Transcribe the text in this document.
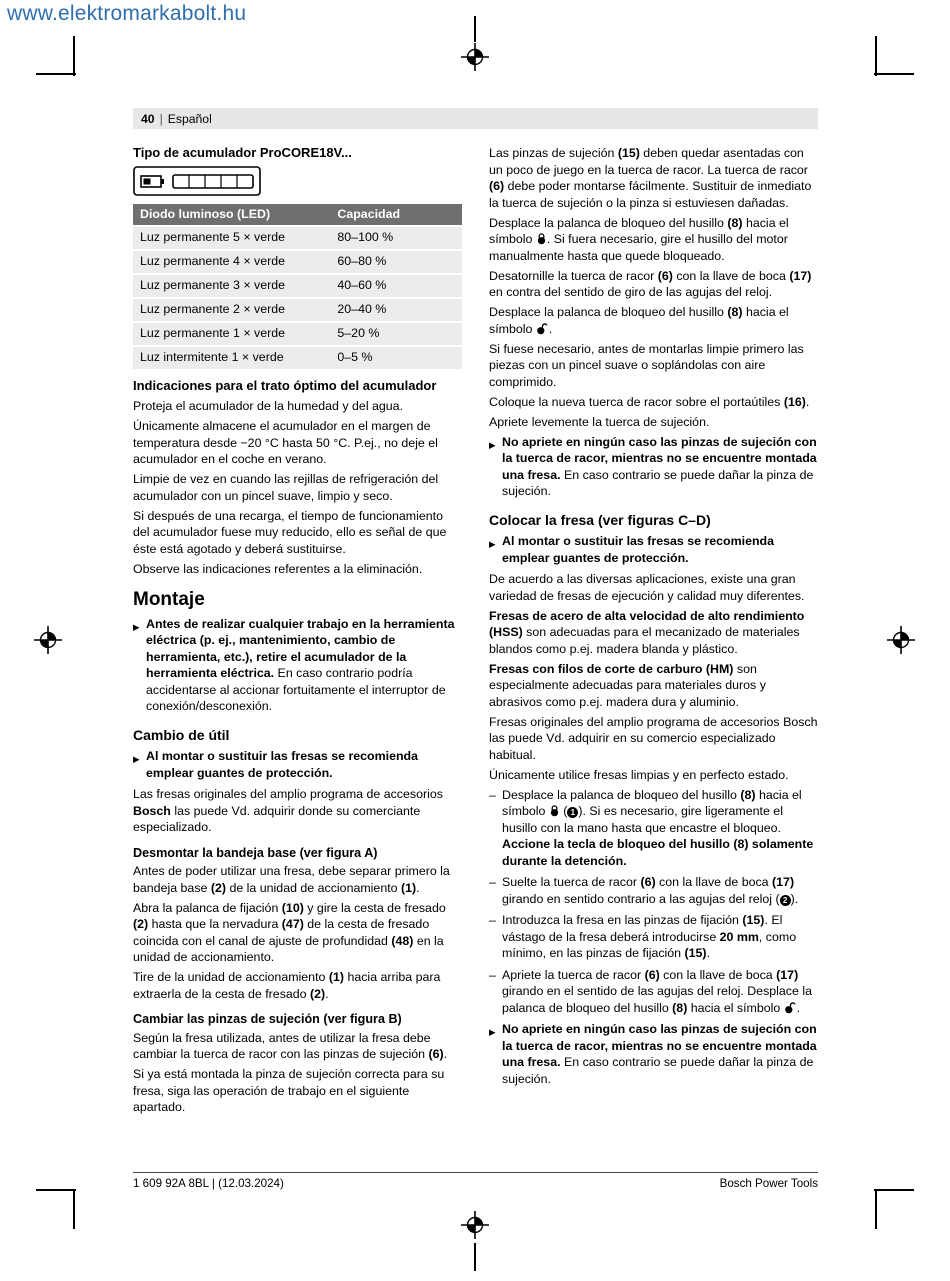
www.elektromarkabolt.hu
40 | Español
Tipo de acumulador ProCORE18V...
Diodo luminoso (LED)	Capacidad
Luz permanente 5 × verde	80–100 %
Luz permanente 4 × verde	60–80 %
Luz permanente 3 × verde	40–60 %
Luz permanente 2 × verde	20–40 %
Luz permanente 1 × verde	5–20 %
Luz intermitente 1 × verde	0–5 %
Indicaciones para el trato óptimo del acumulador
Proteja el acumulador de la humedad y del agua.
Únicamente almacene el acumulador en el margen de temperatura desde −20 °C hasta 50 °C. P.ej., no deje el acumulador en el coche en verano.
Limpie de vez en cuando las rejillas de refrigeración del acumulador con un pincel suave, limpio y seco.
Si después de una recarga, el tiempo de funcionamiento del acumulador fuese muy reducido, ello es señal de que éste está agotado y deberá sustituirse.
Observe las indicaciones referentes a la eliminación.
Montaje
▶ Antes de realizar cualquier trabajo en la herramienta eléctrica (p. ej., mantenimiento, cambio de herramienta, etc.), retire el acumulador de la herramienta eléctrica. En caso contrario podría accidentarse al accionar fortuitamente el interruptor de conexión/desconexión.
Cambio de útil
▶ Al montar o sustituir las fresas se recomienda emplear guantes de protección.
Las fresas originales del amplio programa de accesorios Bosch las puede Vd. adquirir donde su comerciante especializado.
Desmontar la bandeja base (ver figura A)
Antes de poder utilizar una fresa, debe separar primero la bandeja base (2) de la unidad de accionamiento (1).
Abra la palanca de fijación (10) y gire la cesta de fresado (2) hasta que la nervadura (47) de la cesta de fresado coincida con el canal de ajuste de profundidad (48) en la unidad de accionamiento.
Tire de la unidad de accionamiento (1) hacia arriba para extraerla de la cesta de fresado (2).
Cambiar las pinzas de sujeción (ver figura B)
Según la fresa utilizada, antes de utilizar la fresa debe cambiar la tuerca de racor con las pinzas de sujeción (6).
Si ya está montada la pinza de sujeción correcta para su fresa, siga las operación de trabajo en el siguiente apartado.
Las pinzas de sujeción (15) deben quedar asentadas con un poco de juego en la tuerca de racor. La tuerca de racor (6) debe poder montarse fácilmente. Sustituir de inmediato la tuerca de sujeción o la pinza si estuviesen dañadas.
Desplace la palanca de bloqueo del husillo (8) hacia el símbolo . Si fuera necesario, gire el husillo del motor manualmente hasta que quede bloqueado.
Desatornille la tuerca de racor (6) con la llave de boca (17) en contra del sentido de giro de las agujas del reloj.
Desplace la palanca de bloqueo del husillo (8) hacia el símbolo .
Si fuese necesario, antes de montarlas limpie primero las piezas con un pincel suave o soplándolas con aire comprimido.
Coloque la nueva tuerca de racor sobre el portaútiles (16).
Apriete levemente la tuerca de sujeción.
▶ No apriete en ningún caso las pinzas de sujeción con la tuerca de racor, mientras no se encuentre montada una fresa. En caso contrario se puede dañar la pinza de sujeción.
Colocar la fresa (ver figuras C–D)
▶ Al montar o sustituir las fresas se recomienda emplear guantes de protección.
De acuerdo a las diversas aplicaciones, existe una gran variedad de fresas de ejecución y calidad muy diferentes.
Fresas de acero de alta velocidad de alto rendimiento (HSS) son adecuadas para el mecanizado de materiales blandos como p.ej. madera blanda y plástico.
Fresas con filos de corte de carburo (HM) son especialmente adecuadas para materiales duros y abrasivos como p.ej. madera dura y aluminio.
Fresas originales del amplio programa de accesorios Bosch las puede Vd. adquirir en su comercio especializado habitual.
Únicamente utilice fresas limpias y en perfecto estado.
– Desplace la palanca de bloqueo del husillo (8) hacia el símbolo  ( 1 ). Si es necesario, gire ligeramente el husillo con la mano hasta que encastre el bloqueo. Accione la tecla de bloqueo del husillo (8) solamente durante la detención.
– Suelte la tuerca de racor (6) con la llave de boca (17) girando en sentido contrario a las agujas del reloj ( 2 ).
– Introduzca la fresa en las pinzas de fijación (15). El vástago de la fresa deberá introducirse 20 mm, como mínimo, en las pinzas de fijación (15).
– Apriete la tuerca de racor (6) con la llave de boca (17) girando en el sentido de las agujas del reloj. Desplace la palanca de bloqueo del husillo (8) hacia el símbolo .
▶ No apriete en ningún caso las pinzas de sujeción con la tuerca de racor, mientras no se encuentre montada una fresa. En caso contrario se puede dañar la pinza de sujeción.
1 609 92A 8BL | (12.03.2024)	Bosch Power Tools
